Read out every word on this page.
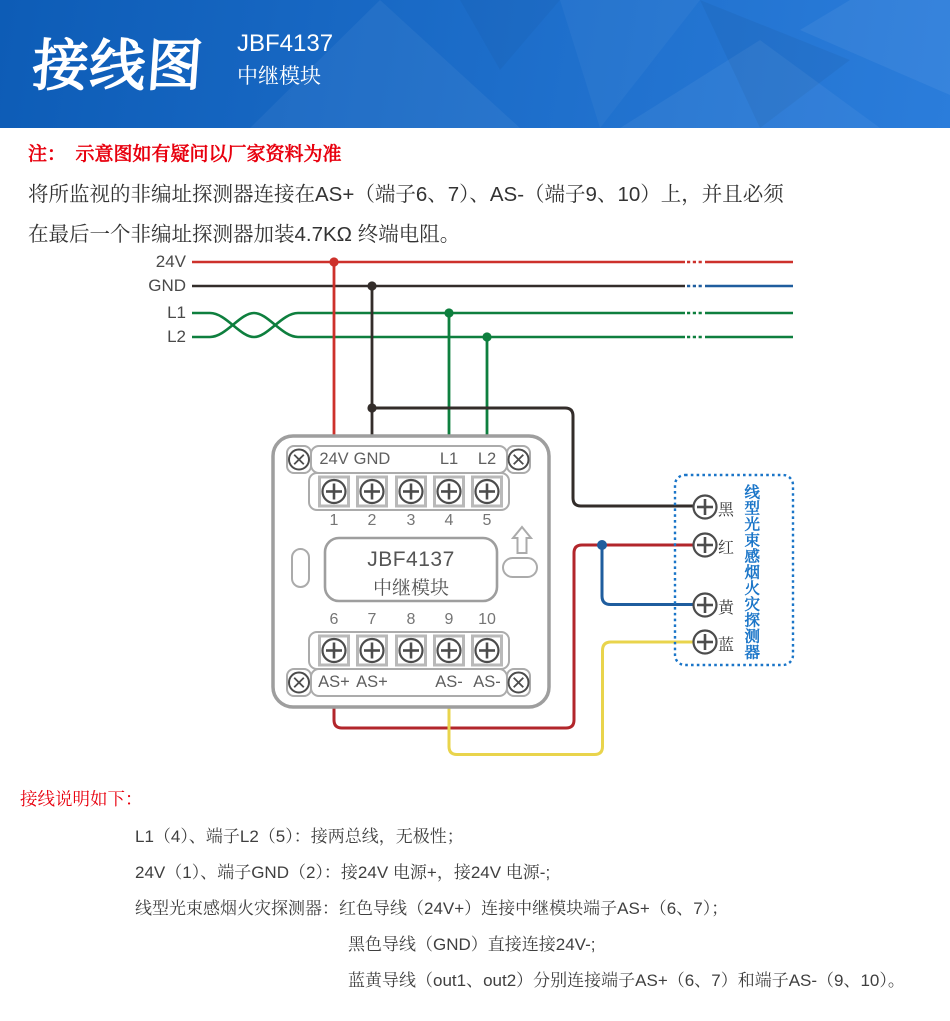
接线图 JBF4137
中继模块
注：　 示意图如有疑问以厂家资料为准
将所监视的非编址探测器连接在AS+（端子6、7）、AS-（端子9、10）上，并且必须
在最后一个非编址探测器加装4.7KΩ 终端电阻。
24V
GND
L1
L2
24V GND	L1	L2
1	2	3	4	5
JBF4137
中继模块
6	7	8	9	10
AS+ AS+	AS- AS-
黑
红
黄
蓝 线型光束感烟火灾探测器
接线说明如下：
L1（4）、端子L2（5）：接两总线，无极性；
24V（1）、端子GND（2）：接24V 电源+，接24V 电源-;
线型光束感烟火灾探测器：红色导线（24V+）连接中继模块端子AS+（6、7）；
黑色导线（GND）直接连接24V-;
蓝黄导线（out1、out2）分别连接端子AS+（6、7）和端子AS-（9、10）。
